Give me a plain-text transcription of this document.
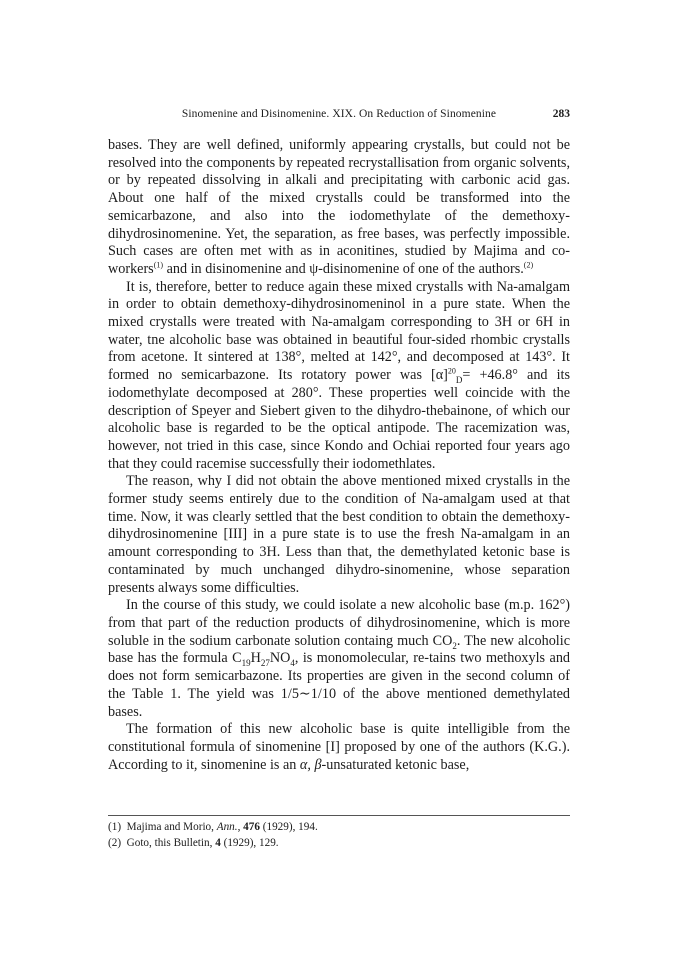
Sinomenine and Disinomenine. XIX. On Reduction of Sinomenine	283

bases. They are well defined, uniformly appearing crystalls, but could not be resolved into the components by repeated recrystallisation from organic solvents, or by repeated dissolving in alkali and precipitating with carbonic acid gas. About one half of the mixed crystalls could be transformed into the semicarbazone, and also into the iodomethylate of the demethoxy-dihydrosinomenine. Yet, the separation, as free bases, was perfectly impossible. Such cases are often met with as in aconitines, studied by Majima and co-workers$^{(1)}$ and in disinomenine and ψ-disinomenine of one of the authors.$^{(2)}$

It is, therefore, better to reduce again these mixed crystalls with Na-amalgam in order to obtain demethoxy-dihydrosinomeninol in a pure state. When the mixed crystalls were treated with Na-amalgam corresponding to 3H or 6H in water, tne alcoholic base was obtained in beautiful four-sided rhombic crystalls from acetone. It sintered at 138°, melted at 142°, and decomposed at 143°. It formed no semicarbazone. Its rotatory power was $[\alpha]^{20}_D= +46.8^\circ$ and its iodomethylate decomposed at 280°. These properties well coincide with the description of Speyer and Siebert given to the dihydro-thebainone, of which our alcoholic base is regarded to be the optical antipode. The racemization was, however, not tried in this case, since Kondo and Ochiai reported four years ago that they could racemise successfully their iodomethlates.

The reason, why I did not obtain the above mentioned mixed crystalls in the former study seems entirely due to the condition of Na-amalgam used at that time. Now, it was clearly settled that the best condition to obtain the demethoxy-dihydrosinomenine [III] in a pure state is to use the fresh Na-amalgam in an amount corresponding to 3H. Less than that, the demethylated ketonic base is contaminated by much unchanged dihydro-sinomenine, whose separation presents always some difficulties.

In the course of this study, we could isolate a new alcoholic base (m.p. 162°) from that part of the reduction products of dihydrosinomenine, which is more soluble in the sodium carbonate solution containg much $CO_2$. The new alcoholic base has the formula $C_{19}H_{27}NO_4$, is monomolecular, re-tains two methoxyls and does not form semicarbazone. Its properties are given in the second column of the Table 1. The yield was 1/5∼1/10 of the above mentioned demethylated bases.

The formation of this new alcoholic base is quite intelligible from the constitutional formula of sinomenine [I] proposed by one of the authors (K.G.). According to it, sinomenine is an α, β-unsaturated ketonic base,

(1) Majima and Morio, Ann., 476 (1929), 194.
(2) Goto, this Bulletin, 4 (1929), 129.
